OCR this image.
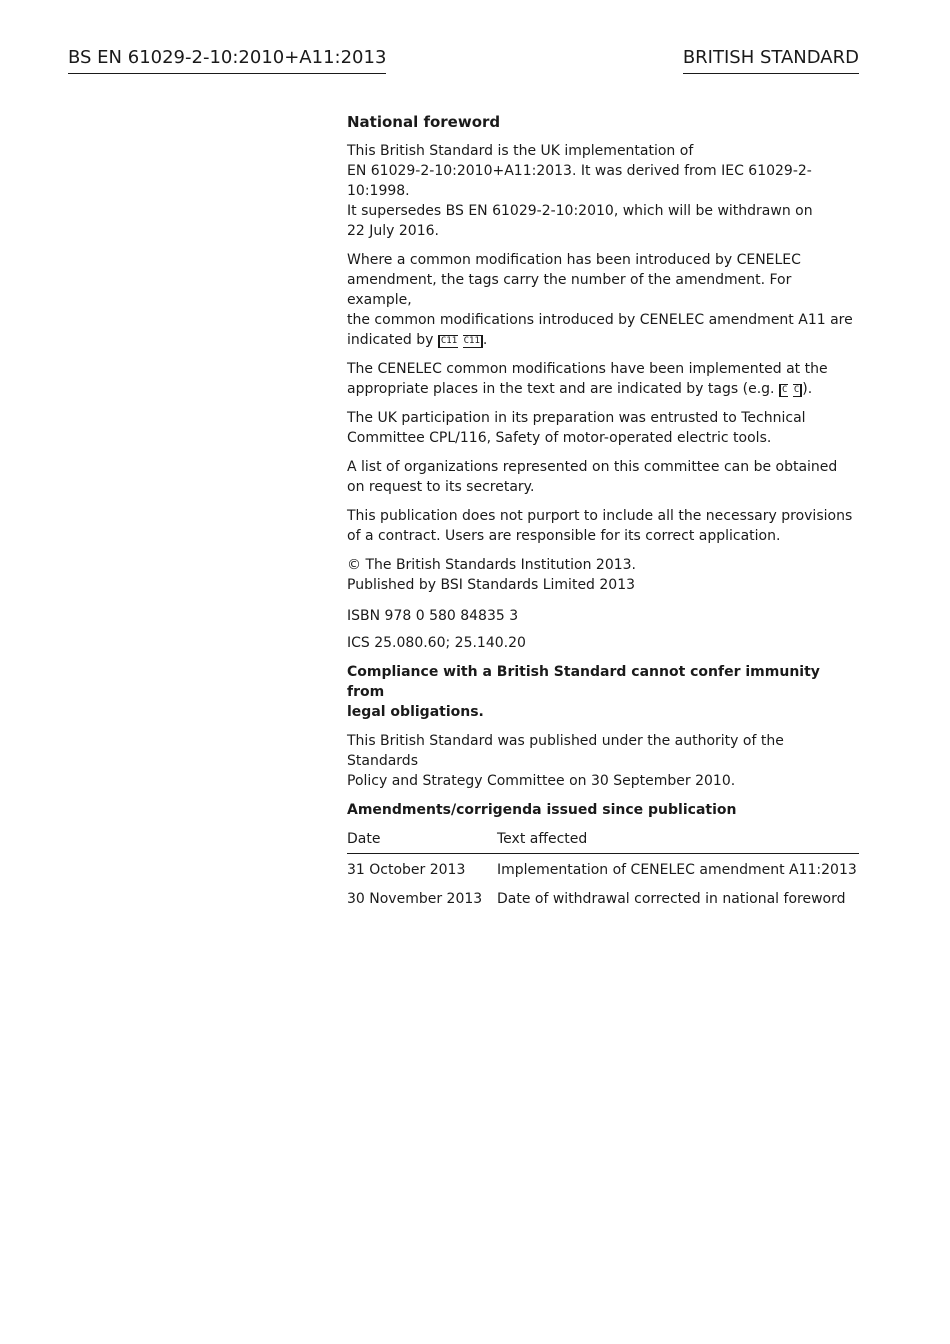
BS EN 61029-2-10:2010+A11:2013	BRITISH STANDARD

National foreword

This British Standard is the UK implementation of
EN 61029-2-10:2010+A11:2013. It was derived from IEC 61029-2-10:1998.
It supersedes BS EN 61029-2-10:2010, which will be withdrawn on
22 July 2016.

Where a common modification has been introduced by CENELEC
amendment, the tags carry the number of the amendment. For example,
the common modifications introduced by CENELEC amendment A11 are
indicated by C11 C11 .

The CENELEC common modifications have been implemented at the
appropriate places in the text and are indicated by tags (e.g. C C ).

The UK participation in its preparation was entrusted to Technical
Committee CPL/116, Safety of motor-operated electric tools.

A list of organizations represented on this committee can be obtained
on request to its secretary.

This publication does not purport to include all the necessary provisions
of a contract. Users are responsible for its correct application.

© The British Standards Institution 2013.
Published by BSI Standards Limited 2013

ISBN 978 0 580 84835 3

ICS 25.080.60; 25.140.20

Compliance with a British Standard cannot confer immunity from
legal obligations.

This British Standard was published under the authority of the Standards
Policy and Strategy Committee on 30 September 2010.

Amendments/corrigenda issued since publication

Date	Text affected
31 October 2013	Implementation of CENELEC amendment A11:2013
30 November 2013	Date of withdrawal corrected in national foreword
